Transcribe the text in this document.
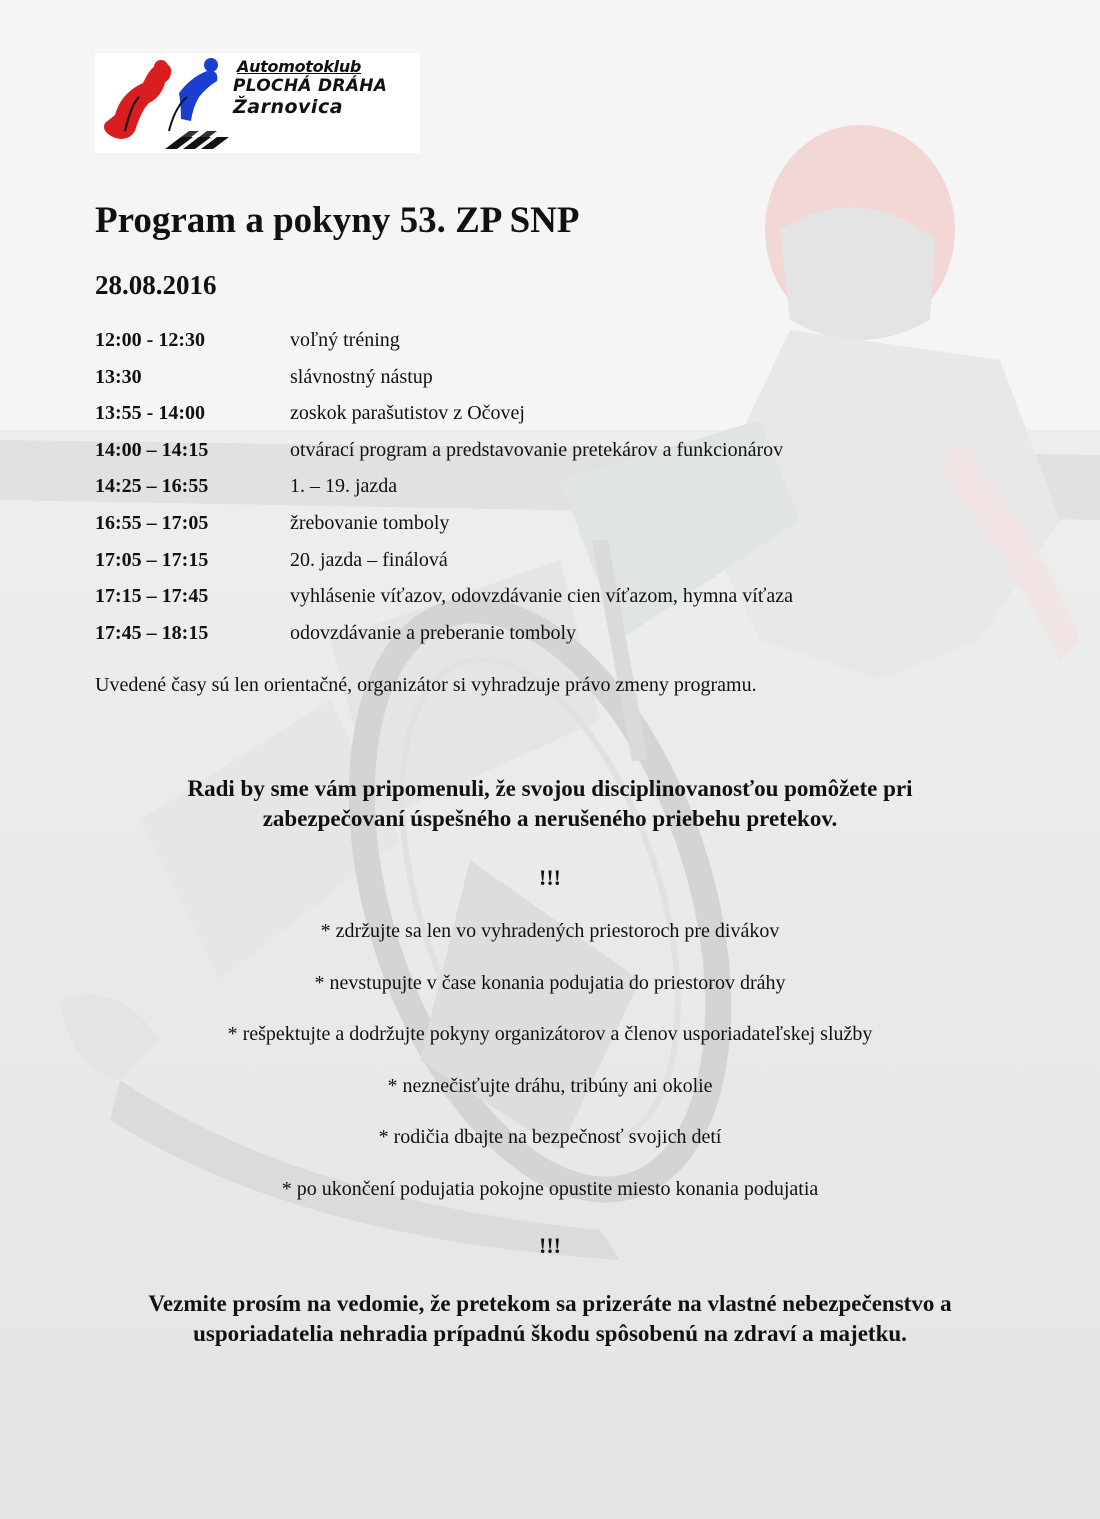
Automotoklub
PLOCHÁ DRÁHA
Žarnovica
Program a pokyny 53. ZP SNP
28.08.2016
12:00 - 12:30	voľný tréning
13:30	slávnostný nástup
13:55 - 14:00	zoskok parašutistov z Očovej
14:00 – 14:15	otvárací program a predstavovanie pretekárov a funkcionárov
14:25 – 16:55	1. – 19. jazda
16:55 – 17:05	žrebovanie tomboly
17:05 – 17:15	20. jazda – finálová
17:15 – 17:45	vyhlásenie víťazov, odovzdávanie cien víťazom, hymna víťaza
17:45 – 18:15	odovzdávanie a preberanie tomboly

Uvedené časy sú len orientačné, organizátor si vyhradzuje právo zmeny programu.

Radi by sme vám pripomenuli, že svojou disciplinovanosťou pomôžete pri
zabezpečovaní úspešného a nerušeného priebehu pretekov.
!!!
* zdržujte sa len vo vyhradených priestoroch pre divákov
* nevstupujte v čase konania podujatia do priestorov dráhy
* rešpektujte a dodržujte pokyny organizátorov a členov usporiadateľskej služby
* neznečisťujte dráhu, tribúny ani okolie
* rodičia dbajte na bezpečnosť svojich detí
* po ukončení podujatia pokojne opustite miesto konania podujatia
!!!
Vezmite prosím na vedomie, že pretekom sa prizeráte na vlastné nebezpečenstvo a
usporiadatelia nehradia prípadnú škodu spôsobenú na zdraví a majetku.
